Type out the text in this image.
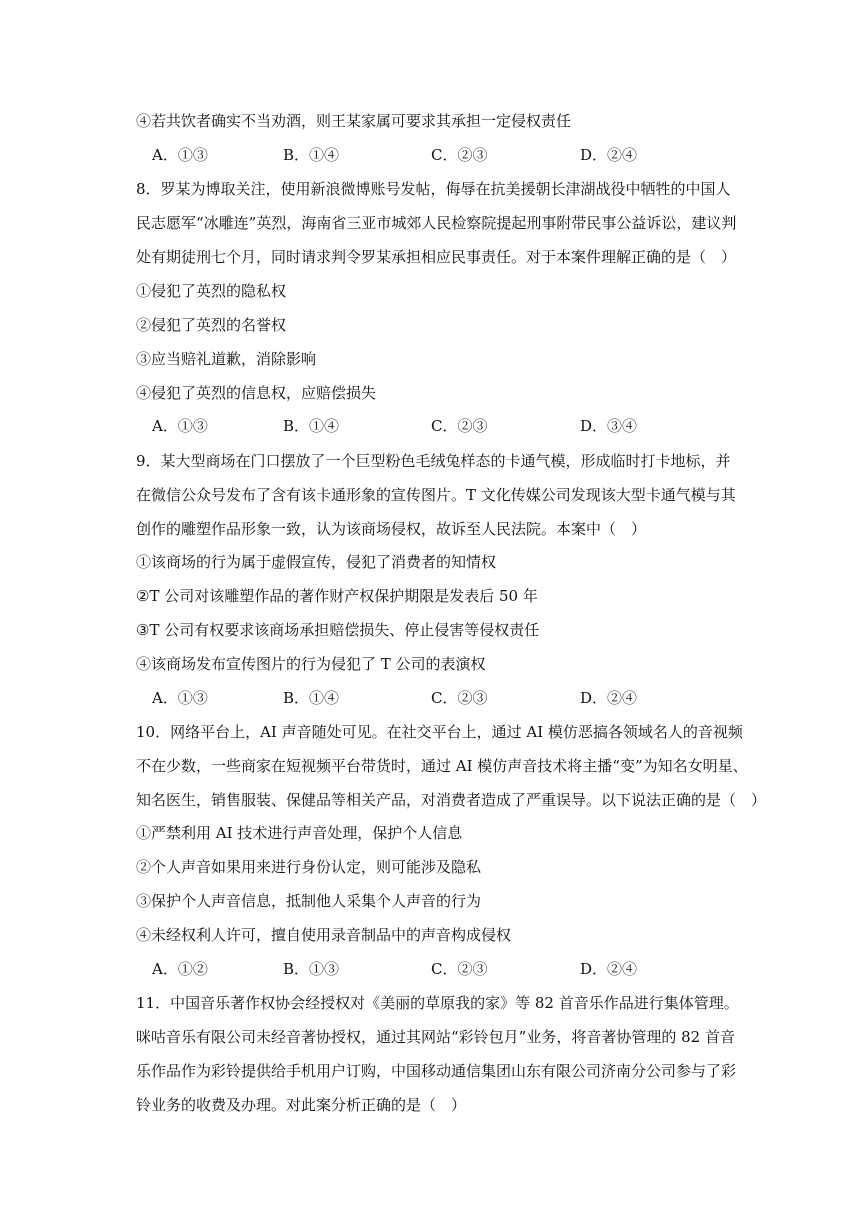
④若共饮者确实不当劝酒，则王某家属可要求其承担一定侵权责任
A．①③	B．①④	C．②③	D．②④
8．罗某为博取关注，使用新浪微博账号发帖，侮辱在抗美援朝长津湖战役中牺牲的中国人
民志愿军“冰雕连”英烈，海南省三亚市城郊人民检察院提起刑事附带民事公益诉讼，建议判
处有期徒刑七个月，同时请求判令罗某承担相应民事责任。对于本案件理解正确的是（　）
①侵犯了英烈的隐私权
②侵犯了英烈的名誉权
③应当赔礼道歉，消除影响
④侵犯了英烈的信息权，应赔偿损失
A．①③	B．①④	C．②③	D．③④
9．某大型商场在门口摆放了一个巨型粉色毛绒兔样态的卡通气模，形成临时打卡地标，并
在微信公众号发布了含有该卡通形象的宣传图片。T 文化传媒公司发现该大型卡通气模与其
创作的雕塑作品形象一致，认为该商场侵权，故诉至人民法院。本案中（　）
①该商场的行为属于虚假宣传，侵犯了消费者的知情权
②T 公司对该雕塑作品的著作财产权保护期限是发表后 50 年
③T 公司有权要求该商场承担赔偿损失、停止侵害等侵权责任
④该商场发布宣传图片的行为侵犯了 T 公司的表演权
A．①③	B．①④	C．②③	D．②④
10．网络平台上，AI 声音随处可见。在社交平台上，通过 AI 模仿恶搞各领域名人的音视频
不在少数，一些商家在短视频平台带货时，通过 AI 模仿声音技术将主播“变”为知名女明星、
知名医生，销售服装、保健品等相关产品，对消费者造成了严重误导。以下说法正确的是（　）
①严禁利用 AI 技术进行声音处理，保护个人信息
②个人声音如果用来进行身份认定，则可能涉及隐私
③保护个人声音信息，抵制他人采集个人声音的行为
④未经权利人许可，擅自使用录音制品中的声音构成侵权
A．①②	B．①③	C．②③	D．②④
11．中国音乐著作权协会经授权对《美丽的草原我的家》等 82 首音乐作品进行集体管理。
咪咕音乐有限公司未经音著协授权，通过其网站“彩铃包月”业务，将音著协管理的 82 首音
乐作品作为彩铃提供给手机用户订购，中国移动通信集团山东有限公司济南分公司参与了彩
铃业务的收费及办理。对此案分析正确的是（　）
